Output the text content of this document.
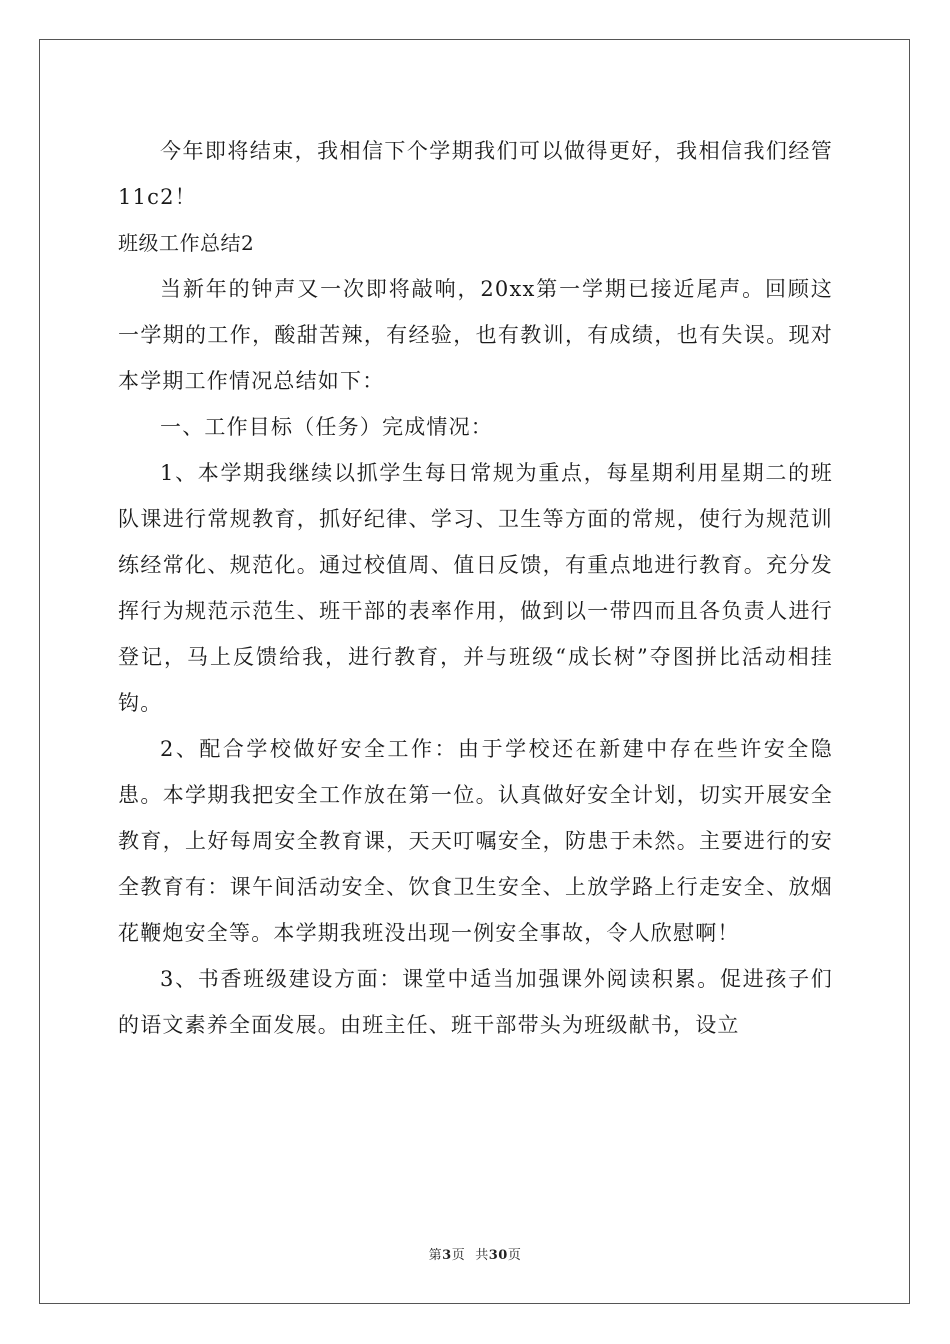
今年即将结束，我相信下个学期我们可以做得更好，我相信我们经管11c2！

班级工作总结2

当新年的钟声又一次即将敲响，20xx第一学期已接近尾声。回顾这一学期的工作，酸甜苦辣，有经验，也有教训，有成绩，也有失误。现对本学期工作情况总结如下：

一、工作目标（任务）完成情况：

1、本学期我继续以抓学生每日常规为重点，每星期利用星期二的班队课进行常规教育，抓好纪律、学习、卫生等方面的常规，使行为规范训练经常化、规范化。通过校值周、值日反馈，有重点地进行教育。充分发挥行为规范示范生、班干部的表率作用，做到以一带四而且各负责人进行登记，马上反馈给我，进行教育，并与班级“成长树”夺图拼比活动相挂钩。

2、配合学校做好安全工作：由于学校还在新建中存在些许安全隐患。本学期我把安全工作放在第一位。认真做好安全计划，切实开展安全教育，上好每周安全教育课，天天叮嘱安全，防患于未然。主要进行的安全教育有：课午间活动安全、饮食卫生安全、上放学路上行走安全、放烟花鞭炮安全等。本学期我班没出现一例安全事故，令人欣慰啊！

3、书香班级建设方面：课堂中适当加强课外阅读积累。促进孩子们的语文素养全面发展。由班主任、班干部带头为班级献书，设立

第3页 共30页
